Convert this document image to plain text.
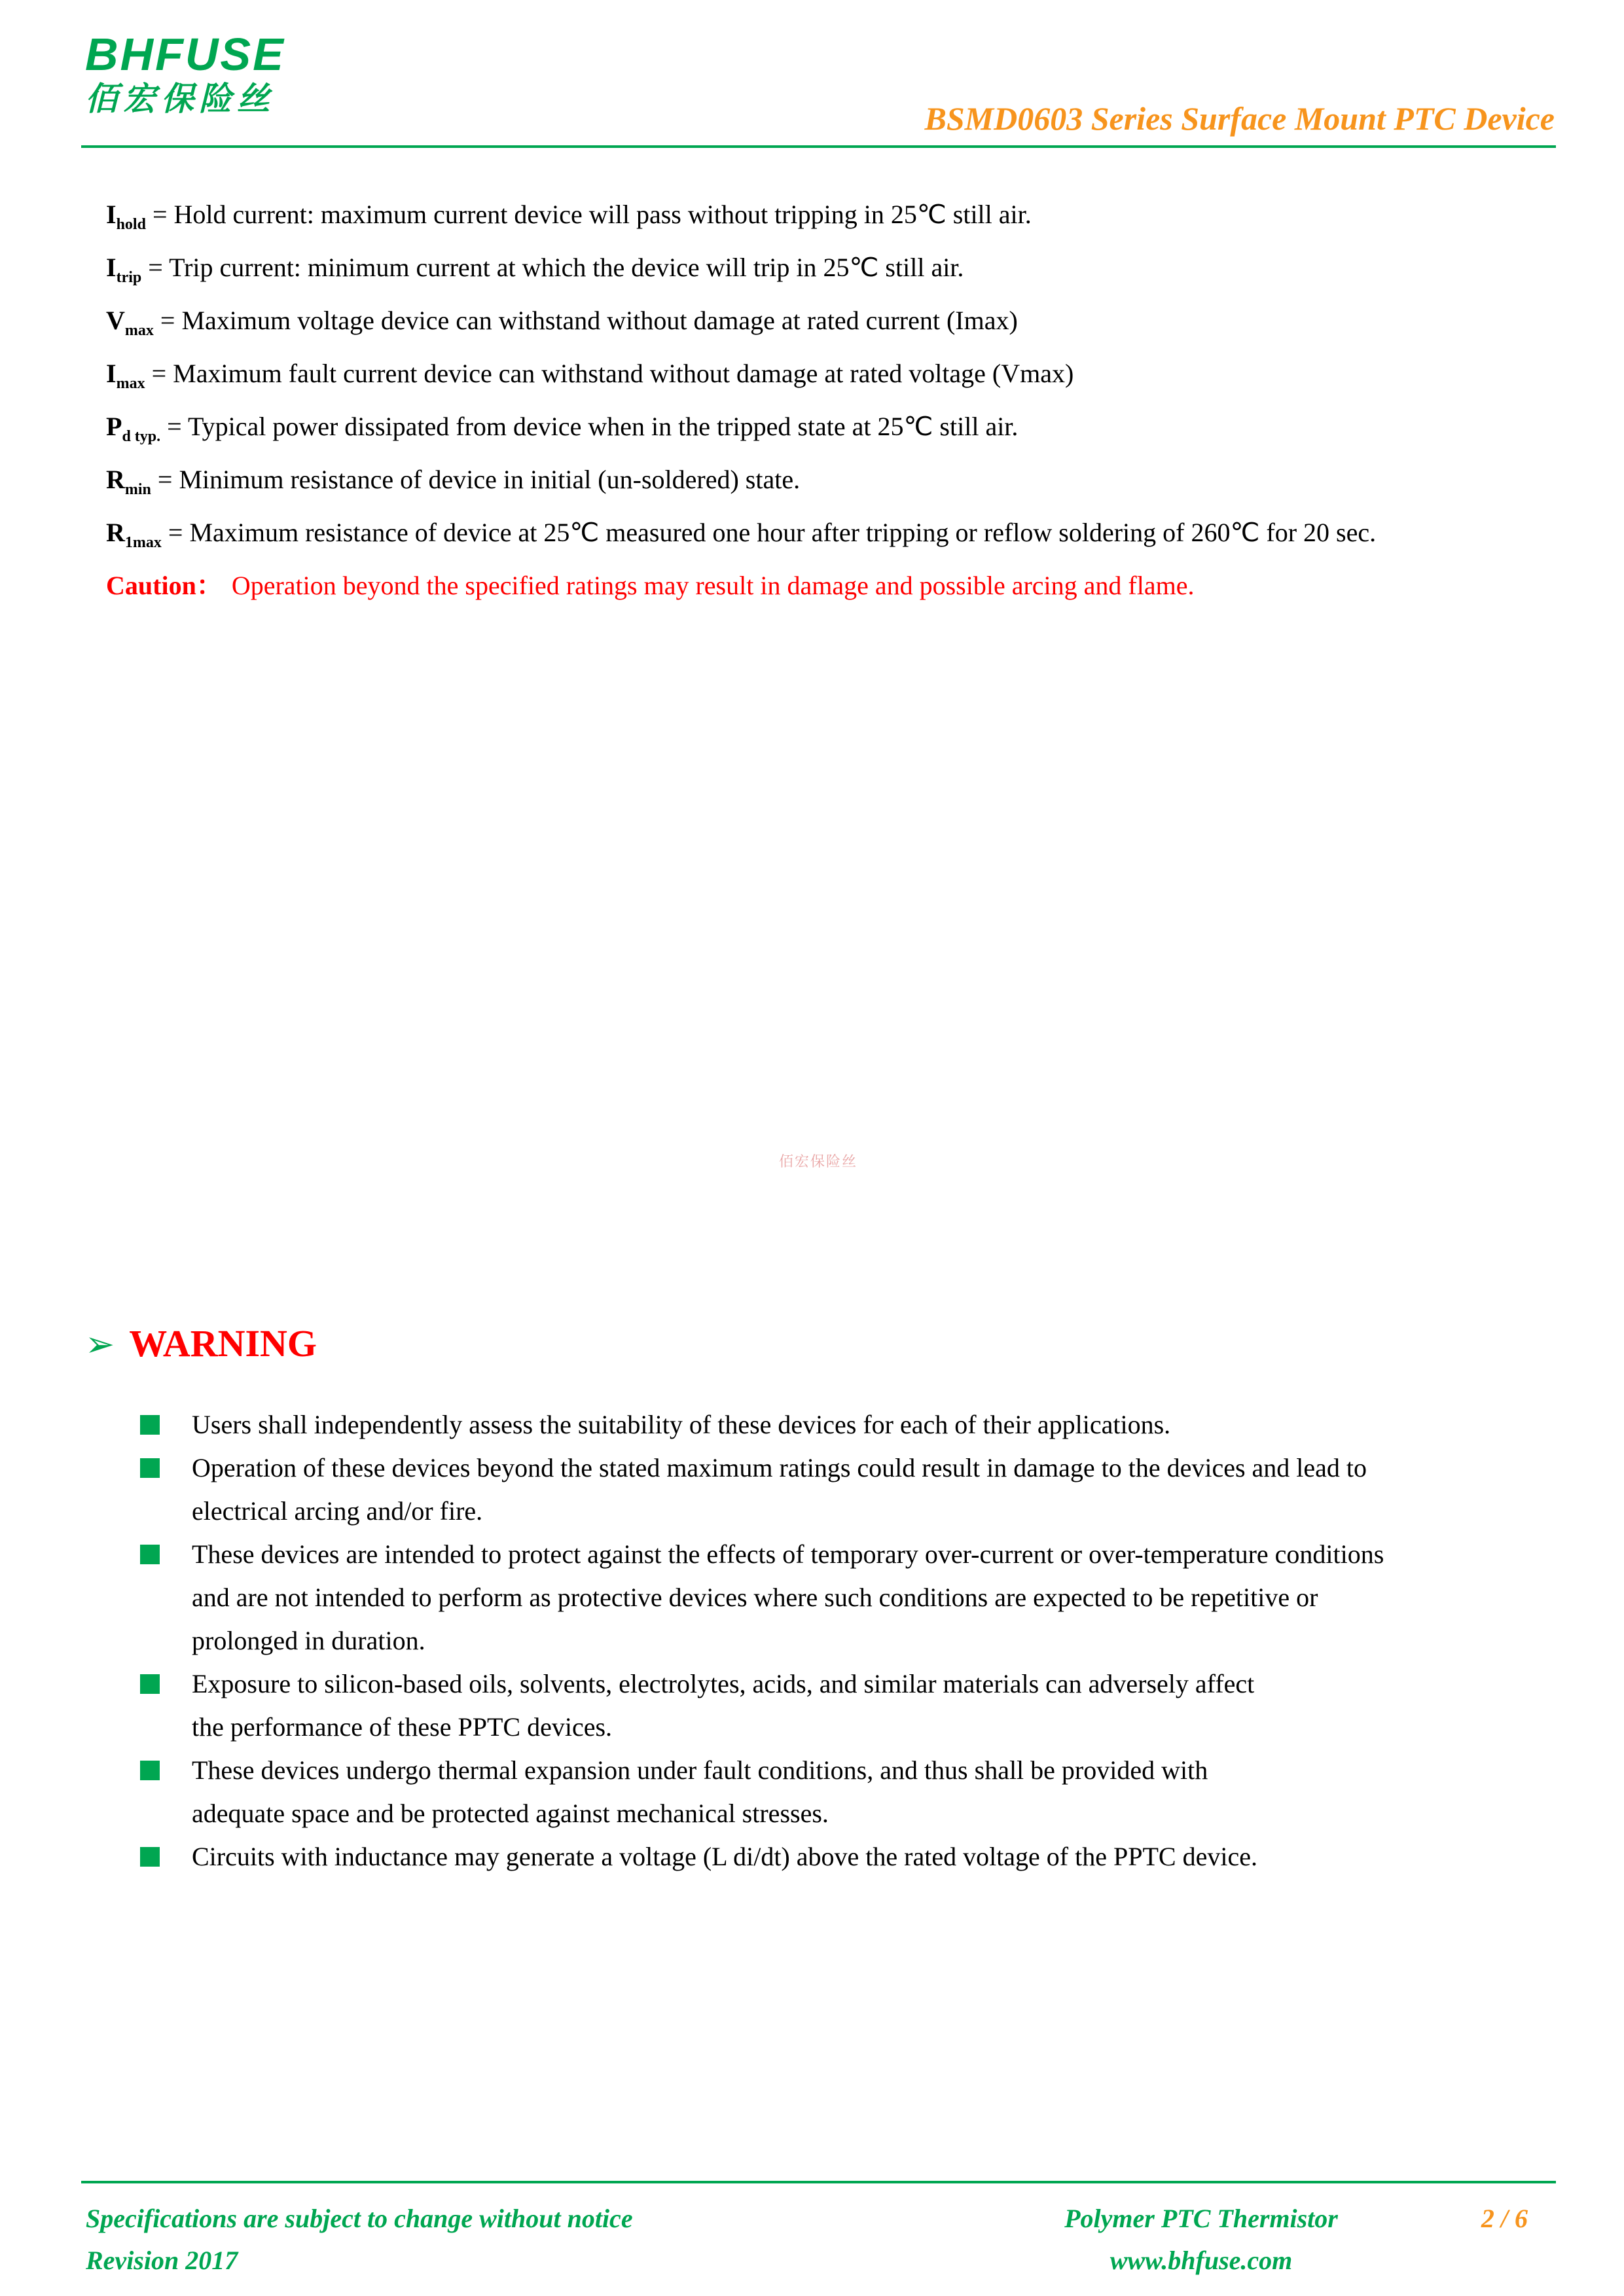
BHFUSE
佰宏保险丝
BSMD0603 Series Surface Mount PTC Device
$I_{hold}$ = Hold current: maximum current device will pass without tripping in 25℃ still air.
$I_{trip}$ = Trip current: minimum current at which the device will trip in 25℃ still air.
$V_{max}$ = Maximum voltage device can withstand without damage at rated current (Imax)
$I_{max}$ = Maximum fault current device can withstand without damage at rated voltage (Vmax)
$P_{d typ.}$ = Typical power dissipated from device when in the tripped state at 25℃ still air.
$R_{min}$ = Minimum resistance of device in initial (un-soldered) state.
$R_{1max}$ = Maximum resistance of device at 25℃ measured one hour after tripping or reflow soldering of 260℃ for 20 sec.
Caution： Operation beyond the specified ratings may result in damage and possible arcing and flame.
佰宏保险丝
➢ WARNING
Users shall independently assess the suitability of these devices for each of their applications.
Operation of these devices beyond the stated maximum ratings could result in damage to the devices and lead to
electrical arcing and/or fire.
These devices are intended to protect against the effects of temporary over-current or over-temperature conditions
and are not intended to perform as protective devices where such conditions are expected to be repetitive or
prolonged in duration.
Exposure to silicon-based oils, solvents, electrolytes, acids, and similar materials can adversely affect
the performance of these PPTC devices.
These devices undergo thermal expansion under fault conditions, and thus shall be provided with
adequate space and be protected against mechanical stresses.
Circuits with inductance may generate a voltage (L di/dt) above the rated voltage of the PPTC device.
Specifications are subject to change without notice
Revision 2017
Polymer PTC Thermistor
www.bhfuse.com
2 / 6
